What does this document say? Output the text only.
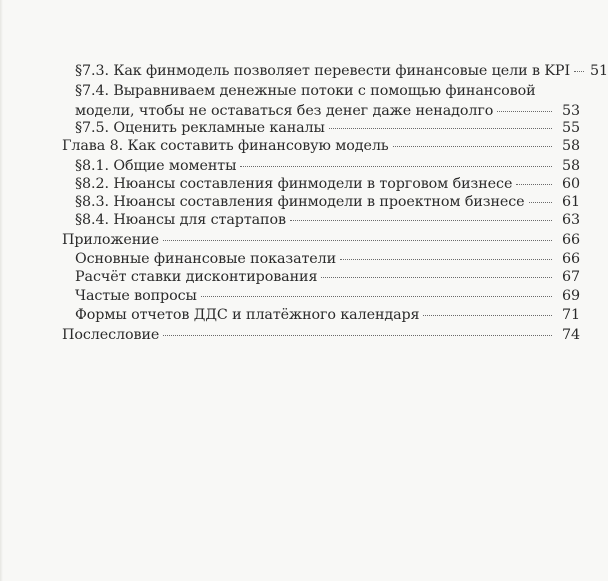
§7.3. Как финмодель позволяет перевести финансовые цели в KPI 51
§7.4. Выравниваем денежные потоки с помощью финансовой
модели, чтобы не оставаться без денег даже ненадолго	53
§7.5. Оценить рекламные каналы	55
Глава 8. Как составить финансовую модель	58
§8.1. Общие моменты	58
§8.2. Нюансы составления финмодели в торговом бизнесе	60
§8.3. Нюансы составления финмодели в проектном бизнесе	61
§8.4. Нюансы для стартапов	63
Приложение	66
Основные финансовые показатели	66
Расчёт ставки дисконтирования	67
Частые вопросы	69
Формы отчетов ДДС и платёжного календаря	71
Послесловие	74
